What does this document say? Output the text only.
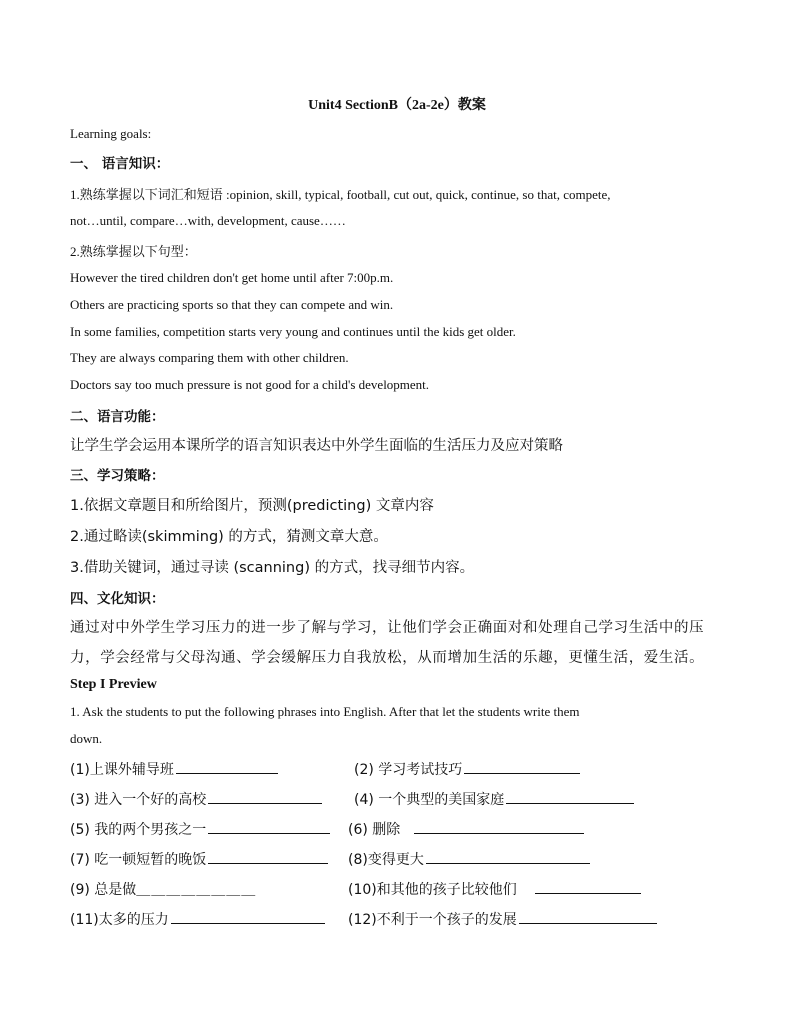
Unit4 SectionB（2a-2e）教案
Learning goals:
一、 语言知识：
1.熟练掌握以下词汇和短语 :opinion, skill, typical, football, cut out, quick, continue, so that, compete,
not…until, compare…with, development, cause……
2.熟练掌握以下句型：
However the tired children don't get home until after 7:00p.m.
Others are practicing sports so that they can compete and win.
In some families, competition starts very young and continues until the kids get older.
They are always comparing them with other children.
Doctors say too much pressure is not good for a child's development.
二、语言功能：
让学生学会运用本课所学的语言知识表达中外学生面临的生活压力及应对策略
三、学习策略：
1.依据文章题目和所给图片，预测(predicting) 文章内容
2.通过略读(skimming) 的方式，猜测文章大意。
3.借助关键词，通过寻读 (scanning) 的方式，找寻细节内容。
四、文化知识：
通过对中外学生学习压力的进一步了解与学习，让他们学会正确面对和处理自己学习生活中的压
力，学会经常与父母沟通、学会缓解压力自我放松，从而增加生活的乐趣，更懂生活，爱生活。
Step I Preview
1. Ask the students to put the following phrases into English. After that let the students write them
down.
(1)上课外辅导班	(2) 学习考试技巧
(3) 进入一个好的高校	(4) 一个典型的美国家庭
(5) 我的两个男孩之一	(6) 删除
(7) 吃一顿短暂的晚饭	(8)变得更大
(9) 总是做＿＿＿＿＿＿＿＿	(10)和其他的孩子比较他们
(11)太多的压力	(12)不利于一个孩子的发展
